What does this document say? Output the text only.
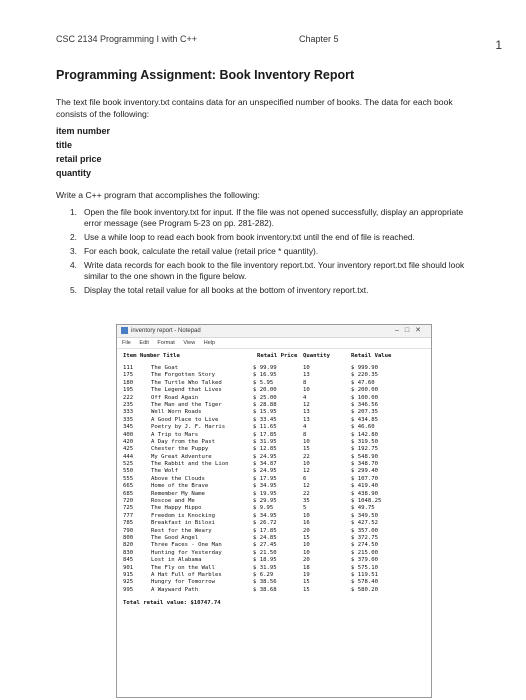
CSC 2134 Programming I with C++	Chapter 5	1
Programming Assignment: Book Inventory Report
The text file book inventory.txt contains data for an unspecified number of books. The data for each book consists of the following:
item number
title
retail price
quantity
Write a C++ program that accomplishes the following:
1. Open the file book inventory.txt for input. If the file was not opened successfully, display an appropriate error message (see Program 5-23 on pp. 281-282).
2. Use a while loop to read each book from book inventory.txt until the end of file is reached.
3. For each book, calculate the retail value (retail price * quantity).
4. Write data records for each book to the file inventory report.txt. Your inventory report.txt file should look similar to the one shown in the figure below.
5. Display the total retail value for all books at the bottom of inventory report.txt.
inventory report - Notepad	–□✕
File Edit Format View Help
Item Number Title	Retail Price Quantity	Retail Value
111	The Goat	$ 99.99	10	$ 999.90
175	The Forgotten Story	$ 16.95	13	$ 220.35
180	The Turtle Who Talked	$ 5.95	8	$ 47.60
195	The Legend that Lives	$ 20.00	10	$ 200.00
222	Off Road Again	$ 25.00	4	$ 100.00
235	The Man and the Tiger	$ 28.88	12	$ 346.56
333	Well Worn Roads	$ 15.95	13	$ 207.35
335	A Good Place to Live	$ 33.45	13	$ 434.85
345	Poetry by J. F. Harris	$ 11.65	4	$ 46.60
400	A Trip to Mars	$ 17.85	8	$ 142.80
420	A Day from the Past	$ 31.95	10	$ 319.50
425	Chester the Puppy	$ 12.85	15	$ 192.75
444	My Great Adventure	$ 24.95	22	$ 548.90
525	The Rabbit and the Lion	$ 34.87	10	$ 348.70
550	The Wolf	$ 24.95	12	$ 299.40
555	Above the Clouds	$ 17.95	6	$ 107.70
665	Home of the Brave	$ 34.95	12	$ 419.40
685	Remember My Name	$ 19.95	22	$ 438.90
720	Roscoe and Me	$ 29.95	35	$ 1048.25
725	The Happy Hippo	$ 9.95	5	$ 49.75
777	Freedom is Knocking	$ 34.95	10	$ 349.50
785	Breakfast in Biloxi	$ 26.72	16	$ 427.52
790	Rest for the Weary	$ 17.85	20	$ 357.00
800	The Good Angel	$ 24.85	15	$ 372.75
820	Three Faces - One Man	$ 27.45	10	$ 274.50
830	Hunting for Yesterday	$ 21.50	10	$ 215.00
845	Lost in Alabama	$ 18.95	20	$ 379.00
901	The Fly on the Wall	$ 31.95	18	$ 575.10
915	A Hat Full of Marbles	$ 6.29	19	$ 119.51
925	Hungry for Tomorrow	$ 38.56	15	$ 578.40
995	A Wayward Path	$ 38.68	15	$ 580.20
Total retail value: $10747.74
